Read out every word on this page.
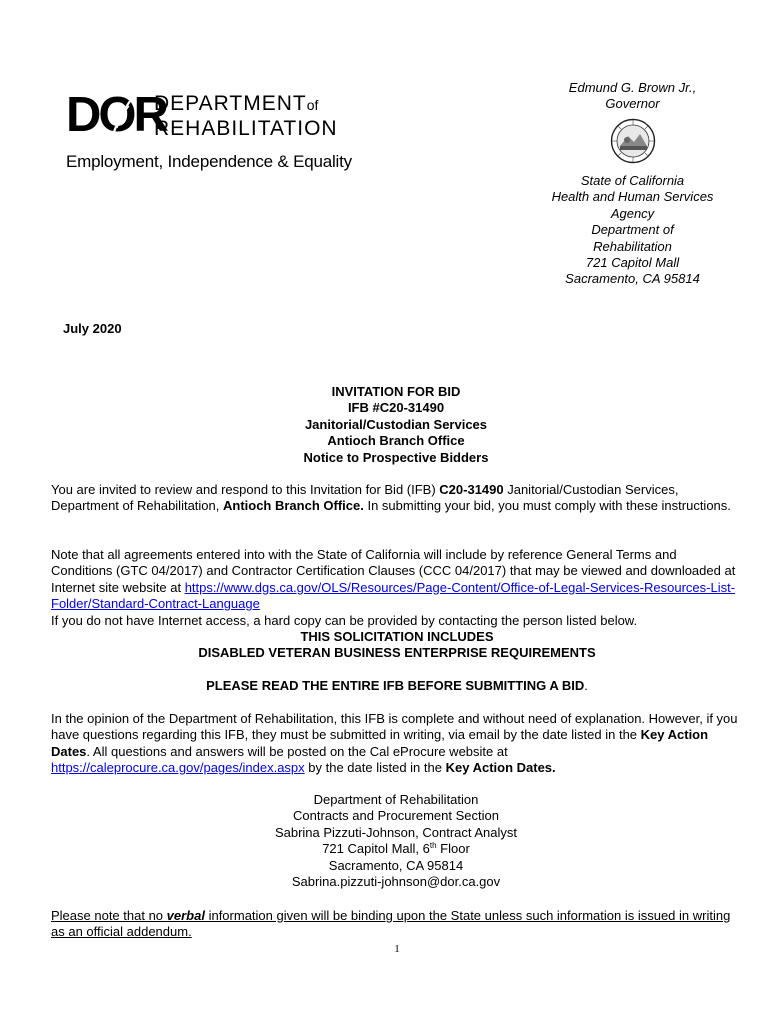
DOR
DEPARTMENTof
REHABILITATION
Employment, Independence & Equality
Edmund G. Brown Jr.,
Governor
State of California
Health and Human Services
Agency
Department of
Rehabilitation
721 Capitol Mall
Sacramento, CA 95814
July 2020
INVITATION FOR BID
IFB #C20-31490
Janitorial/Custodian Services
Antioch Branch Office
Notice to Prospective Bidders
You are invited to review and respond to this Invitation for Bid (IFB) C20-31490 Janitorial/Custodian Services, Department of Rehabilitation, Antioch Branch Office. In submitting your bid, you must comply with these instructions.
Note that all agreements entered into with the State of California will include by reference General Terms and Conditions (GTC 04/2017) and Contractor Certification Clauses (CCC 04/2017) that may be viewed and downloaded at Internet site website at https://www.dgs.ca.gov/OLS/Resources/Page-Content/Office-of-Legal-Services-Resources-List-Folder/Standard-Contract-Language
If you do not have Internet access, a hard copy can be provided by contacting the person listed below.
THIS SOLICITATION INCLUDES
DISABLED VETERAN BUSINESS ENTERPRISE REQUIREMENTS
PLEASE READ THE ENTIRE IFB BEFORE SUBMITTING A BID.
In the opinion of the Department of Rehabilitation, this IFB is complete and without need of explanation. However, if you have questions regarding this IFB, they must be submitted in writing, via email by the date listed in the Key Action Dates. All questions and answers will be posted on the Cal eProcure website at https://caleprocure.ca.gov/pages/index.aspx by the date listed in the Key Action Dates.
Department of Rehabilitation
Contracts and Procurement Section
Sabrina Pizzuti-Johnson, Contract Analyst
721 Capitol Mall, 6th Floor
Sacramento, CA 95814
Sabrina.pizzuti-johnson@dor.ca.gov
Please note that no verbal information given will be binding upon the State unless such information is issued in writing as an official addendum.
1
